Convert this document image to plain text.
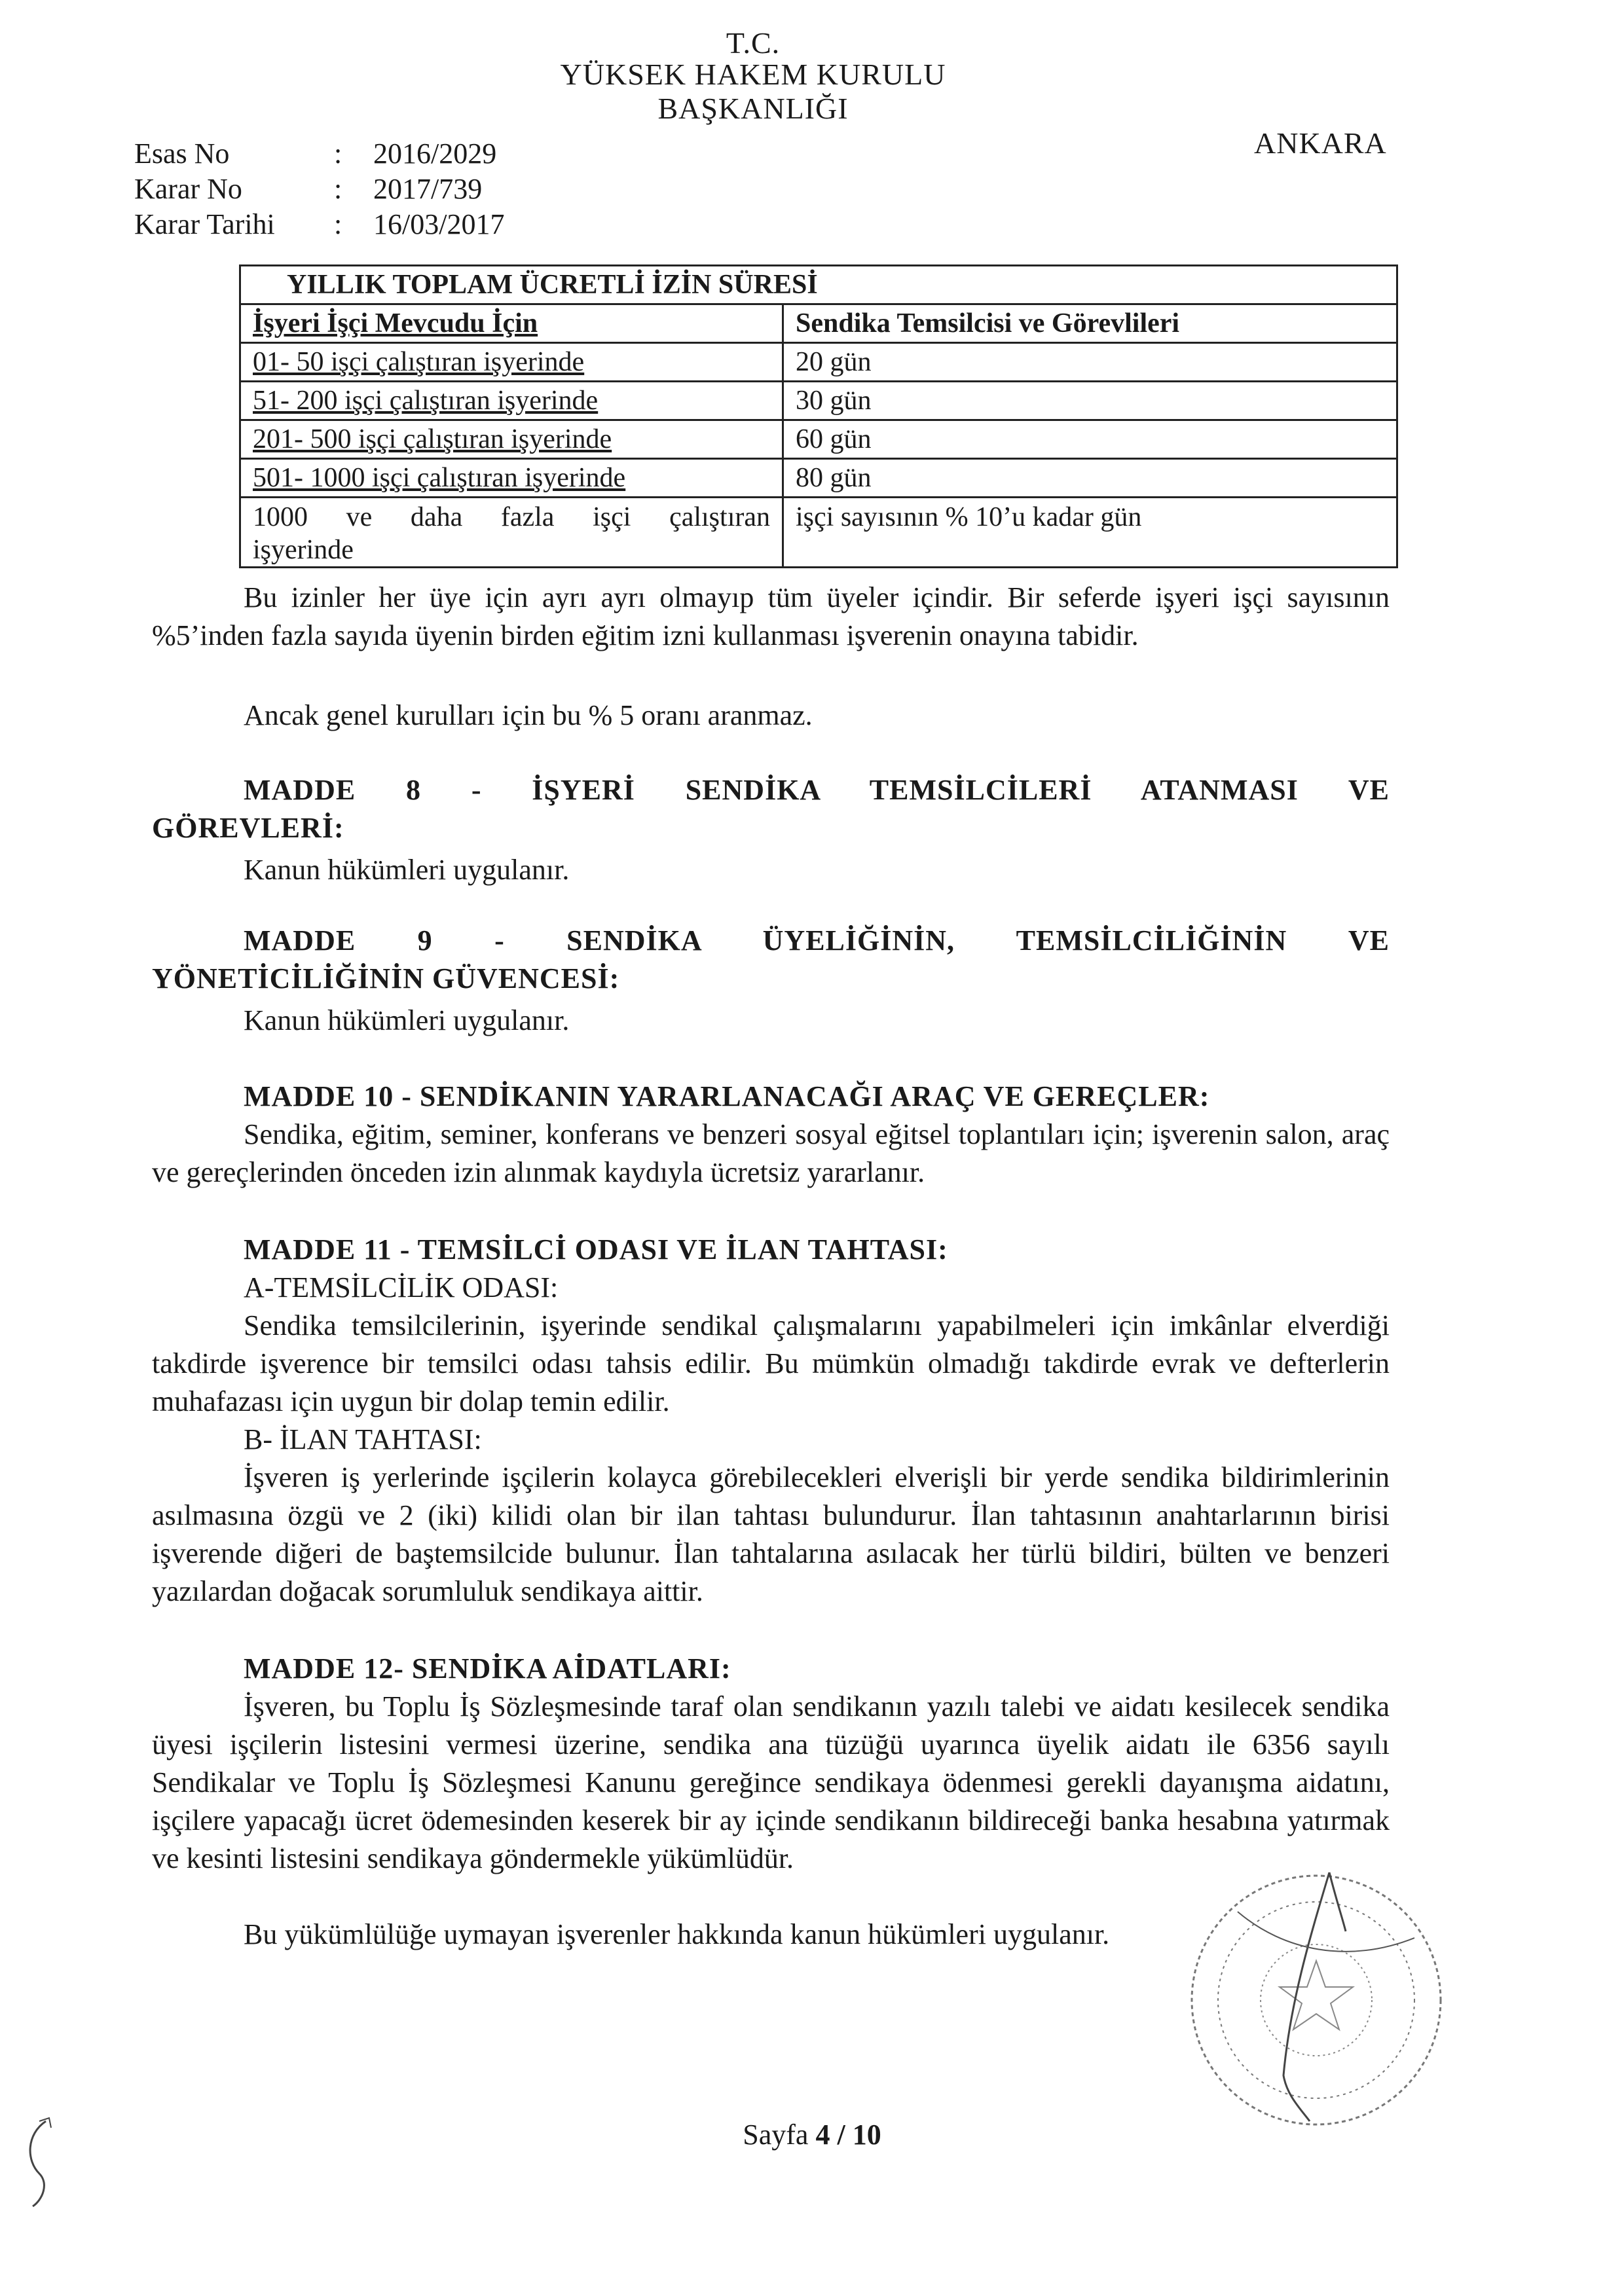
T.C.
YÜKSEK HAKEM KURULU
BAŞKANLIĞI
ANKARA
Esas No	:	2016/2029
Karar No	:	2017/739
Karar Tarihi	:	16/03/2017
YILLIK TOPLAM ÜCRETLİ İZİN SÜRESİ	
İşyeri İşçi Mevcudu İçin	Sendika Temsilcisi ve Görevlileri
01- 50 işçi çalıştıran işyerinde	20 gün
51- 200 işçi çalıştıran işyerinde	30 gün
201- 500 işçi çalıştıran işyerinde	60 gün
501- 1000 işçi çalıştıran işyerinde	80 gün

1000 ve daha fazla işçi çalıştıran
işyerinde	işçi sayısının % 10’u kadar gün
Bu izinler her üye için ayrı ayrı olmayıp tüm üyeler içindir. Bir seferde işyeri işçi sayısının %5’inden fazla sayıda üyenin birden eğitim izni kullanması işverenin onayına tabidir.
Ancak genel kurulları için bu % 5 oranı aranmaz.
MADDE 8 - İŞYERİ SENDİKA TEMSİLCİLERİ ATANMASI VE
GÖREVLERİ:
Kanun hükümleri uygulanır.
MADDE 9 - SENDİKA ÜYELİĞİNİN, TEMSİLCİLİĞİNİN VE
YÖNETİCİLİĞİNİN GÜVENCESİ:
Kanun hükümleri uygulanır.
MADDE 10 - SENDİKANIN YARARLANACAĞI ARAÇ VE GEREÇLER:
Sendika, eğitim, seminer, konferans ve benzeri sosyal eğitsel toplantıları için; işverenin salon, araç ve gereçlerinden önceden izin alınmak kaydıyla ücretsiz yararlanır.
MADDE 11 - TEMSİLCİ ODASI VE İLAN TAHTASI:
A-TEMSİLCİLİK ODASI:
Sendika temsilcilerinin, işyerinde sendikal çalışmalarını yapabilmeleri için imkânlar elverdiği takdirde işverence bir temsilci odası tahsis edilir. Bu mümkün olmadığı takdirde evrak ve defterlerin muhafazası için uygun bir dolap temin edilir.
B- İLAN TAHTASI:
İşveren iş yerlerinde işçilerin kolayca görebilecekleri elverişli bir yerde sendika bildirimlerinin asılmasına özgü ve 2 (iki) kilidi olan bir ilan tahtası bulundurur. İlan tahtasının anahtarlarının birisi işverende diğeri de baştemsilcide bulunur. İlan tahtalarına asılacak her türlü bildiri, bülten ve benzeri yazılardan doğacak sorumluluk sendikaya aittir.
MADDE 12- SENDİKA AİDATLARI:
İşveren, bu Toplu İş Sözleşmesinde taraf olan sendikanın yazılı talebi ve aidatı kesilecek sendika üyesi işçilerin listesini vermesi üzerine, sendika ana tüzüğü uyarınca üyelik aidatı ile 6356 sayılı Sendikalar ve Toplu İş Sözleşmesi Kanunu gereğince sendikaya ödenmesi gerekli dayanışma aidatını, işçilere yapacağı ücret ödemesinden keserek bir ay içinde sendikanın bildireceği banka hesabına yatırmak ve kesinti listesini sendikaya göndermekle yükümlüdür.
Bu yükümlülüğe uymayan işverenler hakkında kanun hükümleri uygulanır.
Sayfa 4 / 10
